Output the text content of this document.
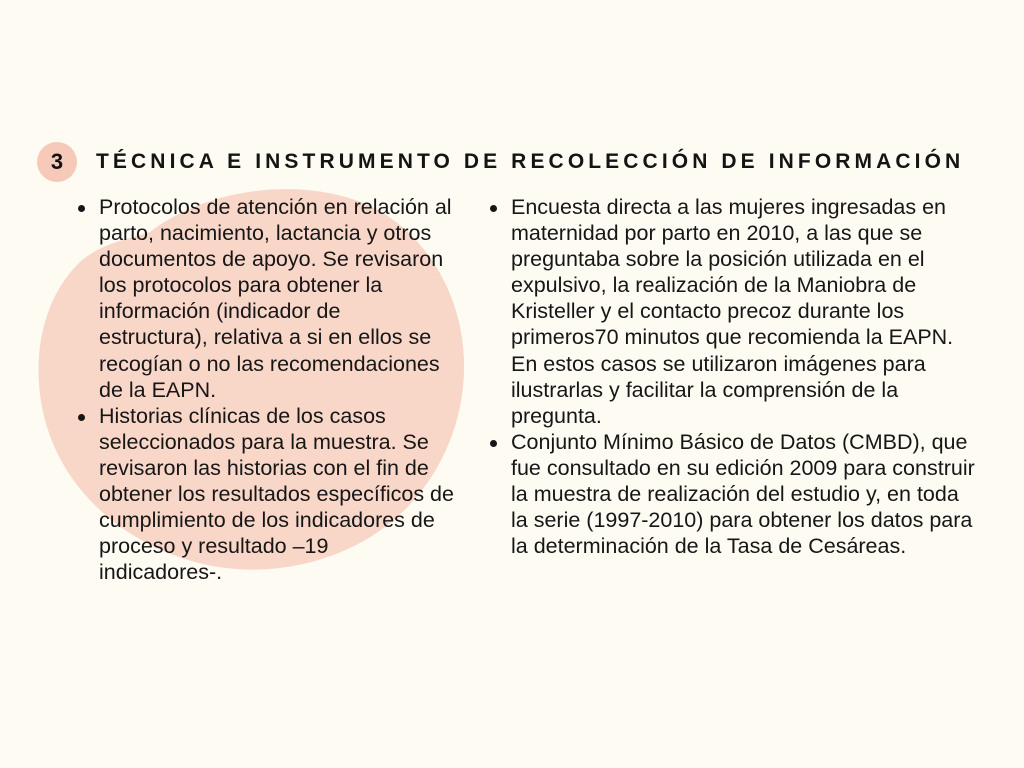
3	TÉCNICA E INSTRUMENTO DE RECOLECCIÓN DE INFORMACIÓN
Protocolos de atención en relación al parto, nacimiento, lactancia y otros documentos de apoyo. Se revisaron los protocolos para obtener la información (indicador de estructura), relativa a si en ellos se recogían o no las recomendaciones de la EAPN.
Historias clínicas de los casos seleccionados para la muestra. Se revisaron las historias con el fin de obtener los resultados específicos de cumplimiento de los indicadores de proceso y resultado –19 indicadores-.
Encuesta directa a las mujeres ingresadas en maternidad por parto en 2010, a las que se preguntaba sobre la posición utilizada en el expulsivo, la realización de la Maniobra de Kristeller y el contacto precoz durante los primeros70 minutos que recomienda la EAPN. En estos casos se utilizaron imágenes para ilustrarlas y facilitar la comprensión de la pregunta.
Conjunto Mínimo Básico de Datos (CMBD), que fue consultado en su edición 2009 para construir la muestra de realización del estudio y, en toda la serie (1997-2010) para obtener los datos para la determinación de la Tasa de Cesáreas.
